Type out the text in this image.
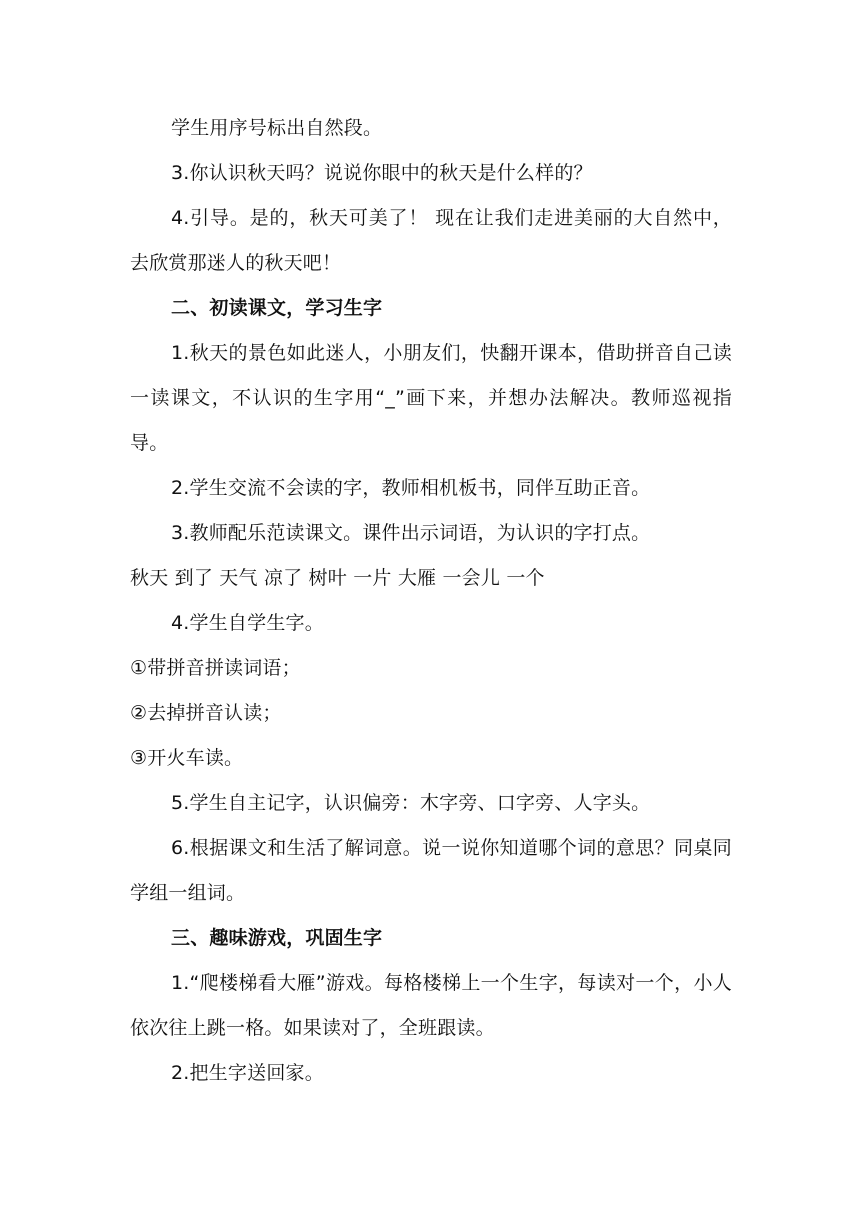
学生用序号标出自然段。

3.你认识秋天吗？说说你眼中的秋天是什么样的？

4.引导。是的，秋天可美了！ 现在让我们走进美丽的大自然中，去欣赏那迷人的秋天吧！

二、初读课文，学习生字

1.秋天的景色如此迷人，小朋友们，快翻开课本，借助拼音自己读一读课文，不认识的生字用“_”画下来，并想办法解决。教师巡视指导。

2.学生交流不会读的字，教师相机板书，同伴互助正音。

3.教师配乐范读课文。课件出示词语，为认识的字打点。

秋天 到了 天气 凉了 树叶 一片 大雁 一会儿 一个

4.学生自学生字。

①带拼音拼读词语；

②去掉拼音认读；

③开火车读。

5.学生自主记字，认识偏旁：木字旁、口字旁、人字头。

6.根据课文和生活了解词意。说一说你知道哪个词的意思？同桌同学组一组词。

三、趣味游戏，巩固生字

1.“爬楼梯看大雁”游戏。每格楼梯上一个生字，每读对一个，小人依次往上跳一格。如果读对了，全班跟读。

2.把生字送回家。
